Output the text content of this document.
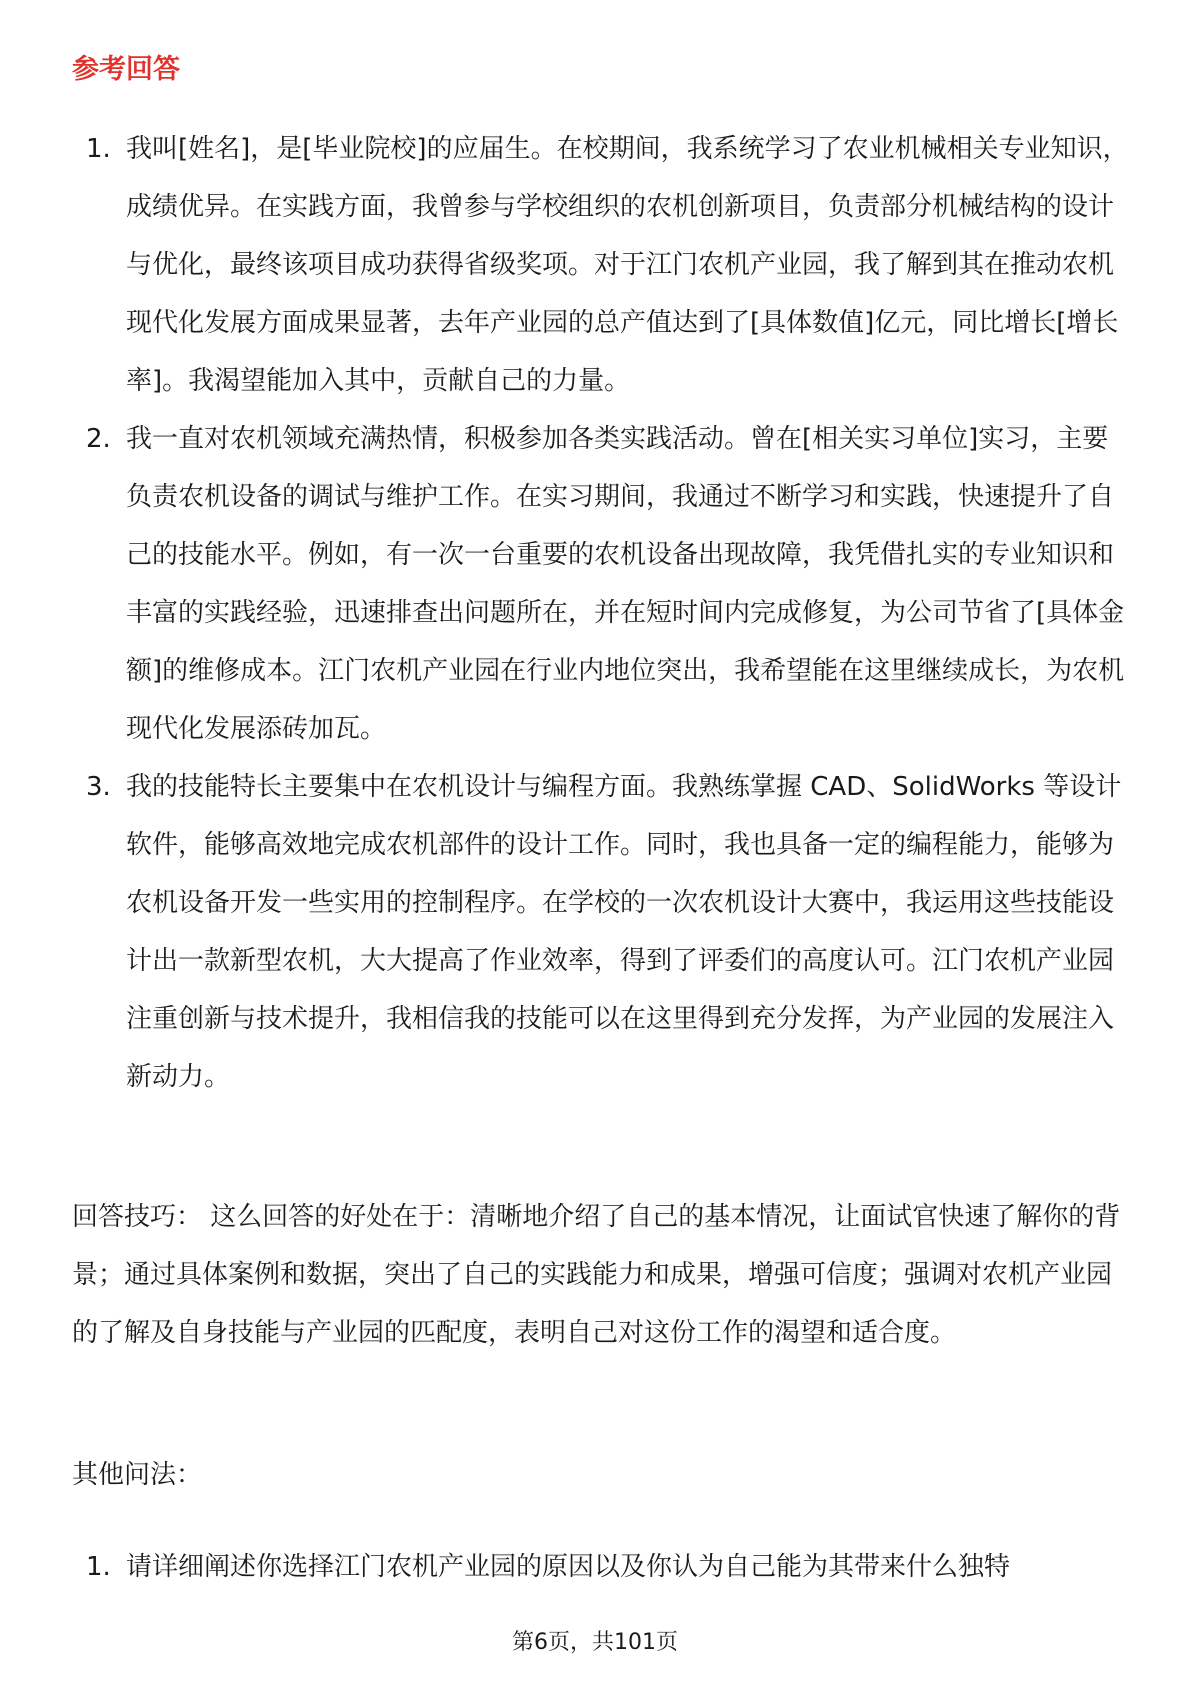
参考回答
1. 我叫[姓名]，是[毕业院校]的应届生。在校期间，我系统学习了农业机械相关专业知识，成绩优异。在实践方面，我曾参与学校组织的农机创新项目，负责部分机械结构的设计与优化，最终该项目成功获得省级奖项。对于江门农机产业园，我了解到其在推动农机现代化发展方面成果显著，去年产业园的总产值达到了[具体数值]亿元，同比增长[增长率]。我渴望能加入其中，贡献自己的力量。
2. 我一直对农机领域充满热情，积极参加各类实践活动。曾在[相关实习单位]实习，主要负责农机设备的调试与维护工作。在实习期间，我通过不断学习和实践，快速提升了自己的技能水平。例如，有一次一台重要的农机设备出现故障，我凭借扎实的专业知识和丰富的实践经验，迅速排查出问题所在，并在短时间内完成修复，为公司节省了[具体金额]的维修成本。江门农机产业园在行业内地位突出，我希望能在这里继续成长，为农机现代化发展添砖加瓦。
3. 我的技能特长主要集中在农机设计与编程方面。我熟练掌握 CAD、SolidWorks 等设计软件，能够高效地完成农机部件的设计工作。同时，我也具备一定的编程能力，能够为农机设备开发一些实用的控制程序。在学校的一次农机设计大赛中，我运用这些技能设计出一款新型农机，大大提高了作业效率，得到了评委们的高度认可。江门农机产业园注重创新与技术提升，我相信我的技能可以在这里得到充分发挥，为产业园的发展注入新动力。

回答技巧： 这么回答的好处在于：清晰地介绍了自己的基本情况，让面试官快速了解你的背景；通过具体案例和数据，突出了自己的实践能力和成果，增强可信度；强调对农机产业园的了解及自身技能与产业园的匹配度，表明自己对这份工作的渴望和适合度。

其他问法：

1. 请详细阐述你选择江门农机产业园的原因以及你认为自己能为其带来什么独特
第6页，共101页
